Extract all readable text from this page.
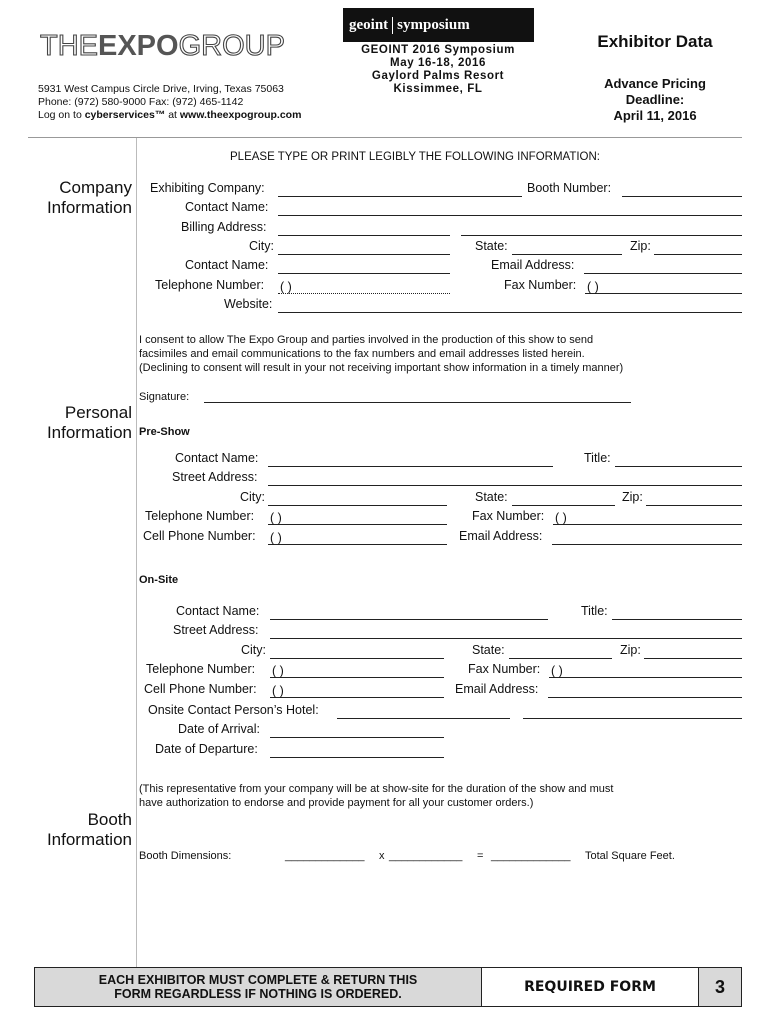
THEEXPOGROUP
5931 West Campus Circle Drive, Irving, Texas 75063
Phone: (972) 580-9000 Fax: (972) 465-1142
Log on to cyberservices™ at www.theexpogroup.com
geoint symposium
GEOINT 2016 Symposium
May 16-18, 2016
Gaylord Palms Resort
Kissimmee, FL
Exhibitor Data
Advance Pricing
Deadline:
April 11, 2016
PLEASE TYPE OR PRINT LEGIBLY THE FOLLOWING INFORMATION:
Company
Information
Exhibiting Company:	Booth Number:
Contact Name:
Billing Address:
City:	State:	Zip:
Contact Name:	Email Address:
Telephone Number: ( )	Fax Number: ( )
Website:
I consent to allow The Expo Group and parties involved in the production of this show to send
facsimiles and email communications to the fax numbers and email addresses listed herein.
(Declining to consent will result in your not receiving important show information in a timely manner)
Signature:
Personal
Information Pre-Show
Contact Name:	Title:
Street Address:
City:	State:	Zip:
Telephone Number: ( )	Fax Number: ( )
Cell Phone Number: ( )	Email Address:
On-Site
Contact Name:	Title:
Street Address:
City:	State:	Zip:
Telephone Number: ( )	Fax Number: ( )
Cell Phone Number: ( )	Email Address:
Onsite Contact Person’s Hotel:
Date of Arrival:
Date of Departure:
(This representative from your company will be at show-site for the duration of the show and must
have authorization to endorse and provide payment for all your customer orders.)
Booth
Information
Booth Dimensions:	_____________ x ____________ = _____________ Total Square Feet.
EACH EXHIBITOR MUST COMPLETE & RETURN THIS
FORM REGARDLESS IF NOTHING IS ORDERED.	REQUIRED FORM	3
